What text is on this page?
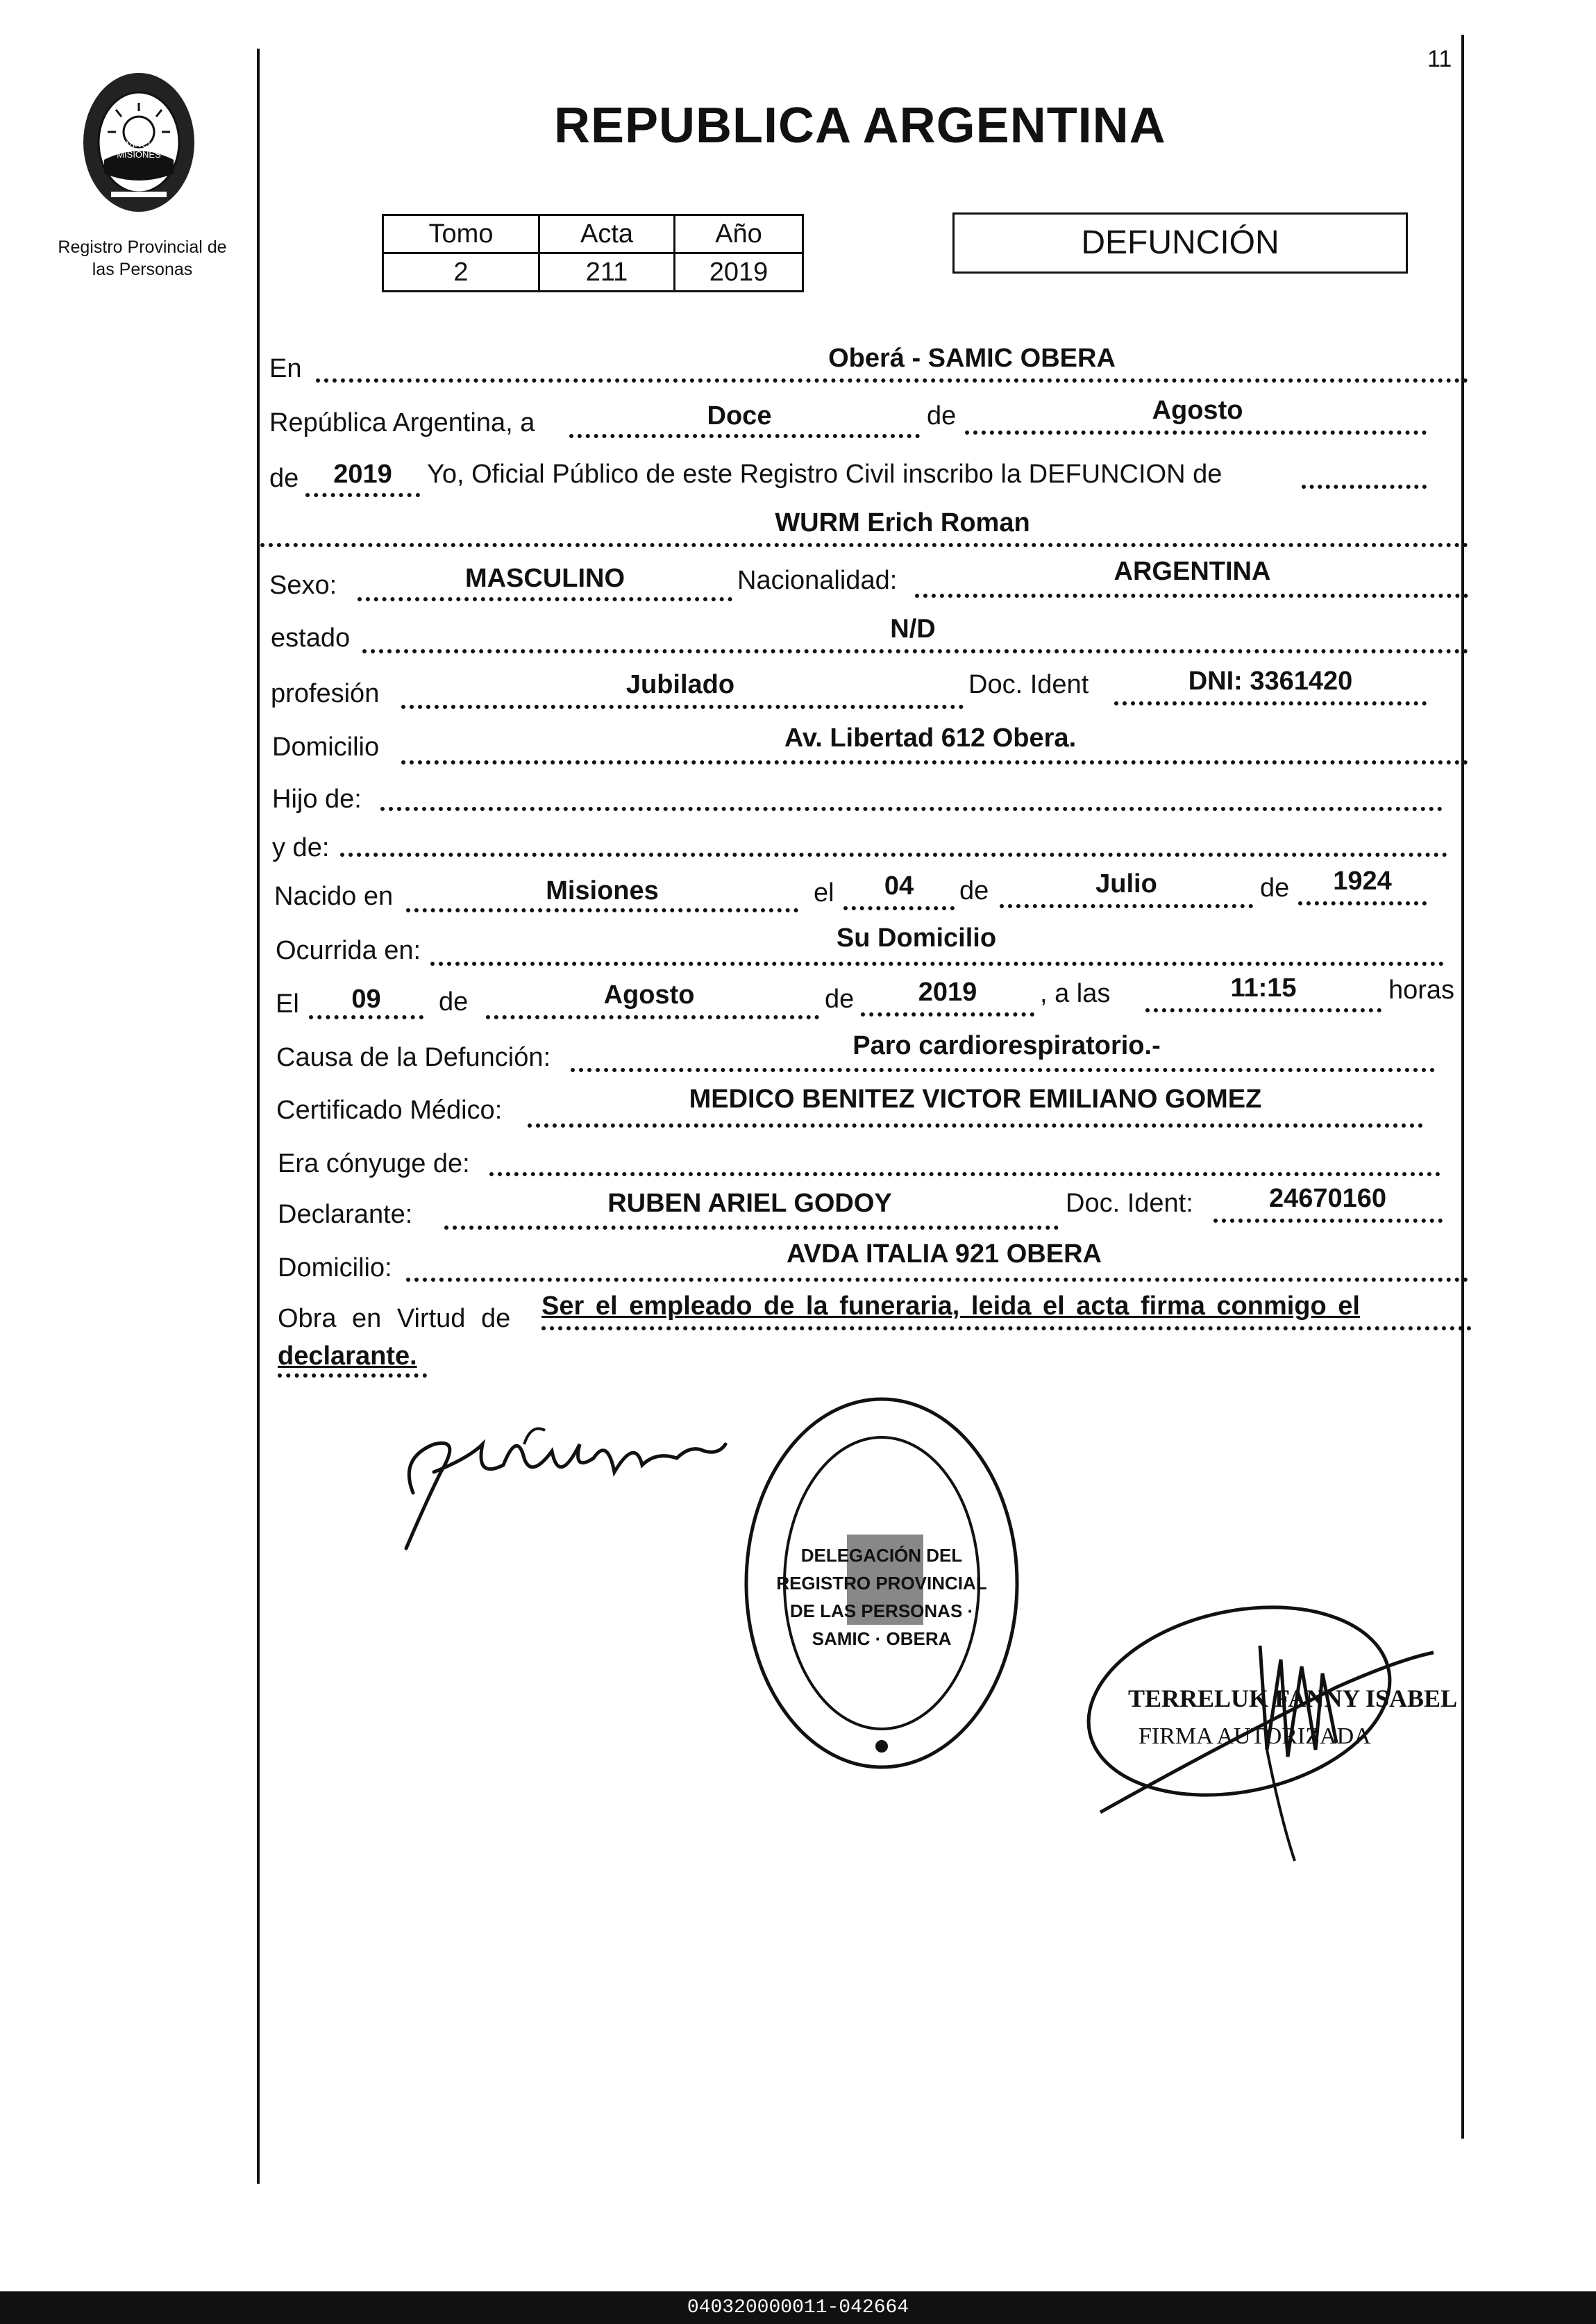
11
PROVINCIA DE MISIONES
Registro Provincial de
las Personas
REPUBLICA ARGENTINA
Tomo	Acta	Año
2	211	2019
DEFUNCIÓN
En	Oberá - SAMIC OBERA
República Argentina, a	Doce	de	Agosto
de	2019	Yo, Oficial Público de este Registro Civil inscribo la DEFUNCION de
WURM Erich Roman
Sexo:	MASCULINO	Nacionalidad:	ARGENTINA
estado	N/D
profesión	Jubilado	Doc. Ident	DNI: 3361420
Domicilio	Av. Libertad 612 Obera.
Hijo de:
y de:
Nacido en	Misiones	el	04	de	Julio	de	1924
Ocurrida en:	Su Domicilio
El	09	de	Agosto	de	2019	, a las	11:15	horas
Causa de la Defunción:	Paro cardiorespiratorio.-
Certificado Médico:	MEDICO BENITEZ VICTOR EMILIANO GOMEZ
Era cónyuge de:
Declarante:	RUBEN ARIEL GODOY	Doc. Ident:	24670160
Domicilio:	AVDA ITALIA 921 OBERA
Obra en Virtud de Ser el empleado de la funeraria, leida el acta firma conmigo el
declarante.
DELEGACIÓN DEL REGISTRO PROVINCIAL DE LAS PERSONAS · SAMIC · OBERA
TERRELUK FANNY ISABEL
FIRMA AUTORIZADA
040320000011-042664
